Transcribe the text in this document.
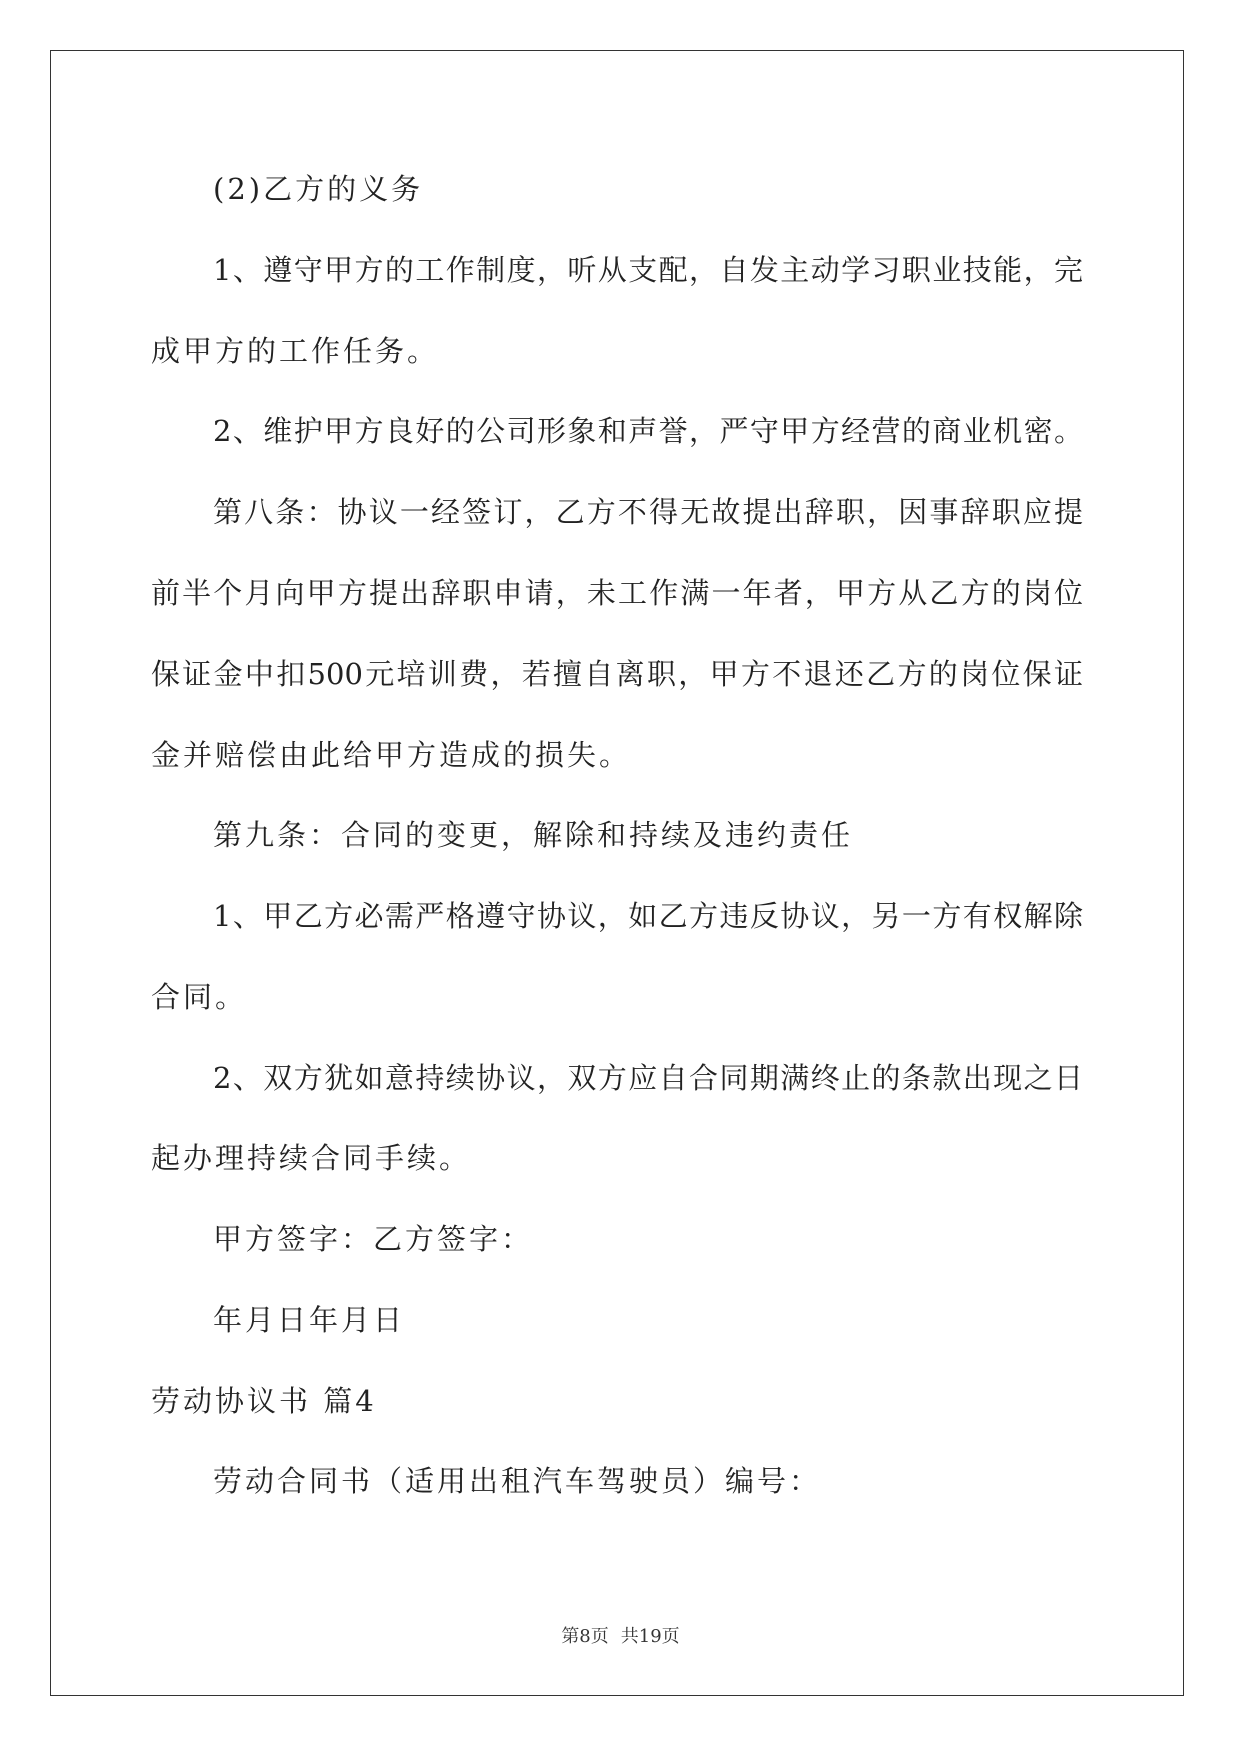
(2)乙方的义务
1、遵守甲方的工作制度，听从支配，自发主动学习职业技能，完
成甲方的工作任务。
2、维护甲方良好的公司形象和声誉，严守甲方经营的商业机密。
第八条：协议一经签订，乙方不得无故提出辞职，因事辞职应提
前半个月向甲方提出辞职申请，未工作满一年者，甲方从乙方的岗位
保证金中扣500元培训费，若擅自离职，甲方不退还乙方的岗位保证
金并赔偿由此给甲方造成的损失。
第九条：合同的变更，解除和持续及违约责任
1、甲乙方必需严格遵守协议，如乙方违反协议，另一方有权解除
合同。
2、双方犹如意持续协议，双方应自合同期满终止的条款出现之日
起办理持续合同手续。
甲方签字：乙方签字：
年月日年月日
劳动协议书 篇4
劳动合同书（适用出租汽车驾驶员）编号：
第8页 共19页
